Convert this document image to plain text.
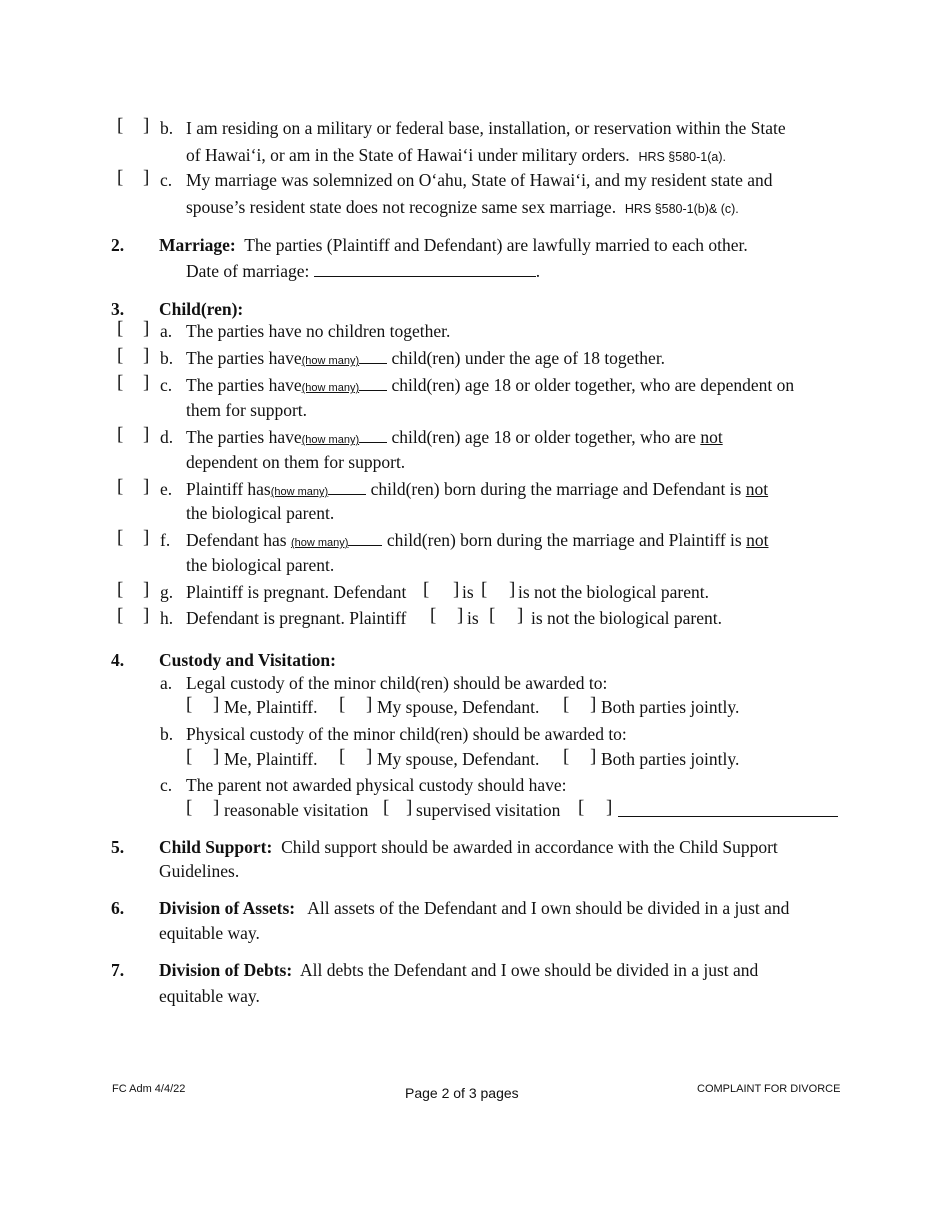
[ ] b. I am residing on a military or federal base, installation, or reservation within the State
of Hawai‘i, or am in the State of Hawai‘i under military orders. HRS §580-1(a).
[ ] c. My marriage was solemnized on O‘ahu, State of Hawai‘i, and my resident state and
spouse’s resident state does not recognize same sex marriage. HRS §580-1(b)& (c).
2. Marriage: The parties (Plaintiff and Defendant) are lawfully married to each other.
Date of marriage:	.
3. Child(ren):
[ ] a. The parties have no children together.
[ ] b. The parties have(how many) child(ren) under the age of 18 together.
[ ] c. The parties have(how many) child(ren) age 18 or older together, who are dependent on
them for support.
[ ] d. The parties have(how many) child(ren) age 18 or older together, who are not
dependent on them for support.
[ ] e. Plaintiff has(how many) child(ren) born during the marriage and Defendant is not
the biological parent.
[ ] f. Defendant has (how many) child(ren) born during the marriage and Plaintiff is not
the biological parent.
[ ] g. Plaintiff is pregnant. Defendant [ ] is [ ] is not the biological parent.
[ ] h. Defendant is pregnant. Plaintiff [ ] is [ ] is not the biological parent.
4. Custody and Visitation:
a. Legal custody of the minor child(ren) should be awarded to:
[ ] Me, Plaintiff. [ ] My spouse, Defendant. [ ] Both parties jointly.
b. Physical custody of the minor child(ren) should be awarded to:
[ ] Me, Plaintiff. [ ] My spouse, Defendant. [ ] Both parties jointly.
c. The parent not awarded physical custody should have:
[ ] reasonable visitation [ ] supervised visitation [ ]
5. Child Support: Child support should be awarded in accordance with the Child Support
Guidelines.
6. Division of Assets: All assets of the Defendant and I own should be divided in a just and
equitable way.
7. Division of Debts: All debts the Defendant and I owe should be divided in a just and
equitable way.
FC Adm 4/4/22	Page 2 of 3 pages	COMPLAINT FOR DIVORCE
